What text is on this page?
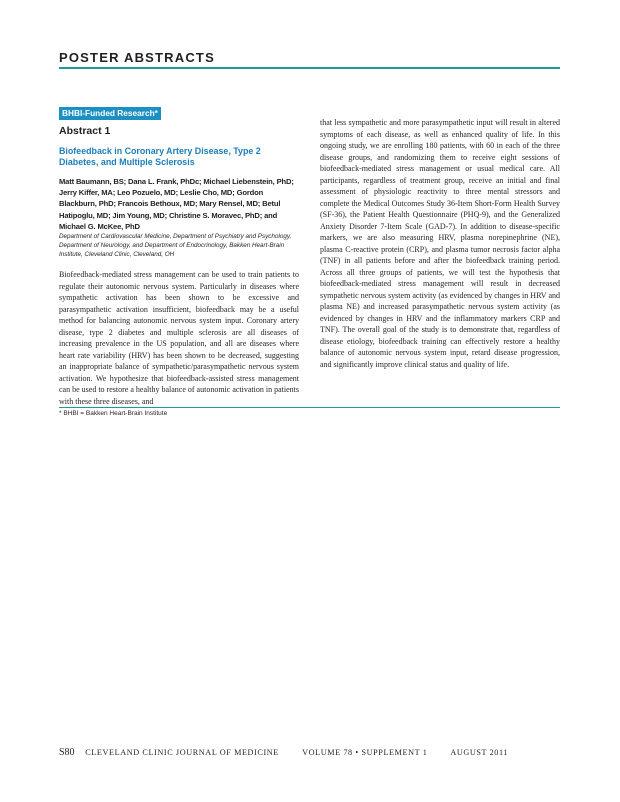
POSTER ABSTRACTS
BHBI-Funded Research*
Abstract 1
Biofeedback in Coronary Artery Disease, Type 2 Diabetes, and Multiple Sclerosis
Matt Baumann, BS; Dana L. Frank, PhDc; Michael Liebenstein, PhD; Jerry Kiffer, MA; Leo Pozuelo, MD; Leslie Cho, MD; Gordon Blackburn, PhD; Francois Bethoux, MD; Mary Rensel, MD; Betul Hatipoglu, MD; Jim Young, MD; Christine S. Moravec, PhD; and Michael G. McKee, PhD
Department of Cardiovascular Medicine, Department of Psychiatry and Psychology, Department of Neurology, and Department of Endocrinology, Bakken Heart-Brain Institute, Cleveland Clinic, Cleveland, OH
Biofeedback-mediated stress management can be used to train patients to regulate their autonomic nervous system. Particularly in diseases where sympathetic activation has been shown to be excessive and parasympathetic activation insufficient, biofeedback may be a useful method for balancing autonomic nervous system input. Coronary artery disease, type 2 diabetes and multiple sclerosis are all diseases of increasing prevalence in the US population, and all are diseases where heart rate variability (HRV) has been shown to be decreased, suggesting an inappropriate balance of sympathetic/parasympathetic nervous system activation. We hypothesize that biofeedback-assisted stress management can be used to restore a healthy balance of autonomic activation in patients with these three diseases, and
that less sympathetic and more parasympathetic input will result in altered symptoms of each disease, as well as enhanced quality of life. In this ongoing study, we are enrolling 180 patients, with 60 in each of the three disease groups, and randomizing them to receive eight sessions of biofeedback-mediated stress management or usual medical care. All participants, regardless of treatment group, receive an initial and final assessment of physiologic reactivity to three mental stressors and complete the Medical Outcomes Study 36-Item Short-Form Health Survey (SF-36), the Patient Health Questionnaire (PHQ-9), and the Generalized Anxiety Disorder 7-Item Scale (GAD-7). In addition to disease-specific markers, we are also measuring HRV, plasma norepinephrine (NE), plasma C-reactive protein (CRP), and plasma tumor necrosis factor alpha (TNF) in all patients before and after the biofeedback training period. Across all three groups of patients, we will test the hypothesis that biofeedback-mediated stress management will result in decreased sympathetic nervous system activity (as evidenced by changes in HRV and plasma NE) and increased parasympathetic nervous system activity (as evidenced by changes in HRV and the inflammatory markers CRP and TNF). The overall goal of the study is to demonstrate that, regardless of disease etiology, biofeedback training can effectively restore a healthy balance of autonomic nervous system input, retard disease progression, and significantly improve clinical status and quality of life.
* BHBI = Bakken Heart-Brain Institute
S80 CLEVELAND CLINIC JOURNAL OF MEDICINE	VOLUME 78 • SUPPLEMENT 1	AUGUST 2011
